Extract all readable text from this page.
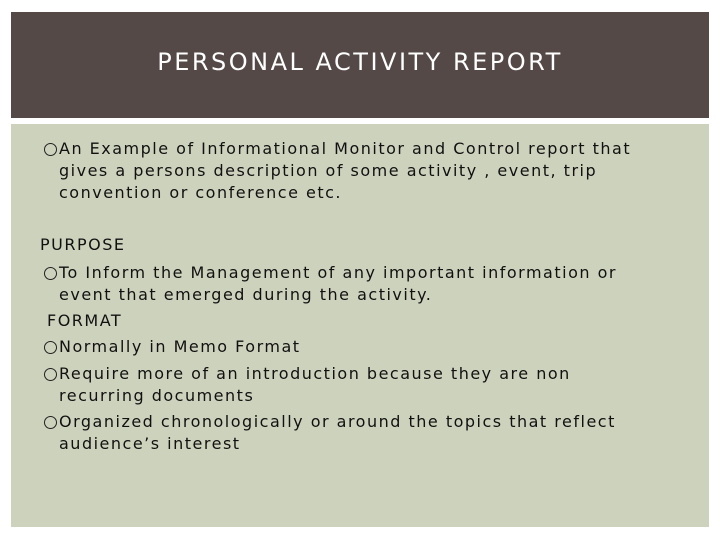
PERSONAL ACTIVITY REPORT
An Example of Informational Monitor and Control report that
gives a persons description of some activity , event, trip
convention or conference etc.
PURPOSE
To Inform the Management of any important information or
event that emerged during the activity.
FORMAT
Normally in Memo Format
Require more of an introduction because they are non
recurring documents
Organized chronologically or around the topics that reflect
audience’s interest
